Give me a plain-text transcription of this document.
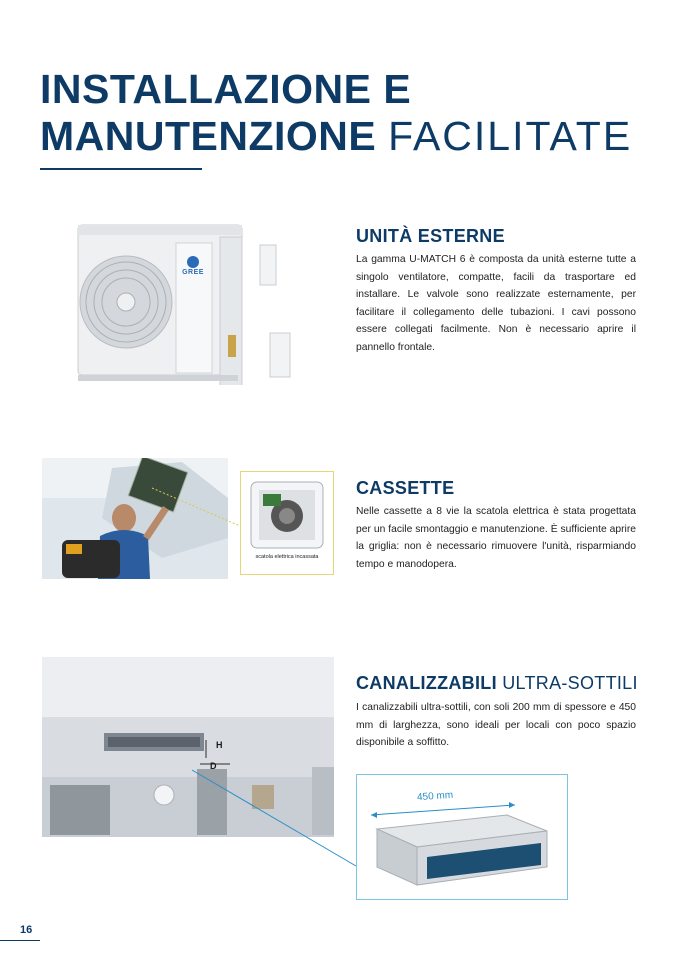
INSTALLAZIONE E
MANUTENZIONE FACILITATE
GREE
UNITÀ ESTERNE

La gamma U-MATCH 6 è composta da unità esterne tutte a singolo ventilatore, compatte, facili da trasportare ed installare. Le valvole sono realizzate esternamente, per facilitare il collegamento delle tubazioni. I cavi possono essere collegati facilmente. Non è necessario aprire il pannello frontale.

scatola elettrica incassata
CASSETTE

Nelle cassette a 8 vie la scatola elettrica è stata progettata per un facile smontaggio e manutenzione. È sufficiente aprire la griglia: non è necessario rimuovere l'unità, risparmiando tempo e manodopera.

H
D
CANALIZZABILI ULTRA-SOTTILI

I canalizzabili ultra-sottili, con soli 200 mm di spessore e 450 mm di larghezza, sono ideali per locali con poco spazio disponibile a soffitto.

450 mm
16
